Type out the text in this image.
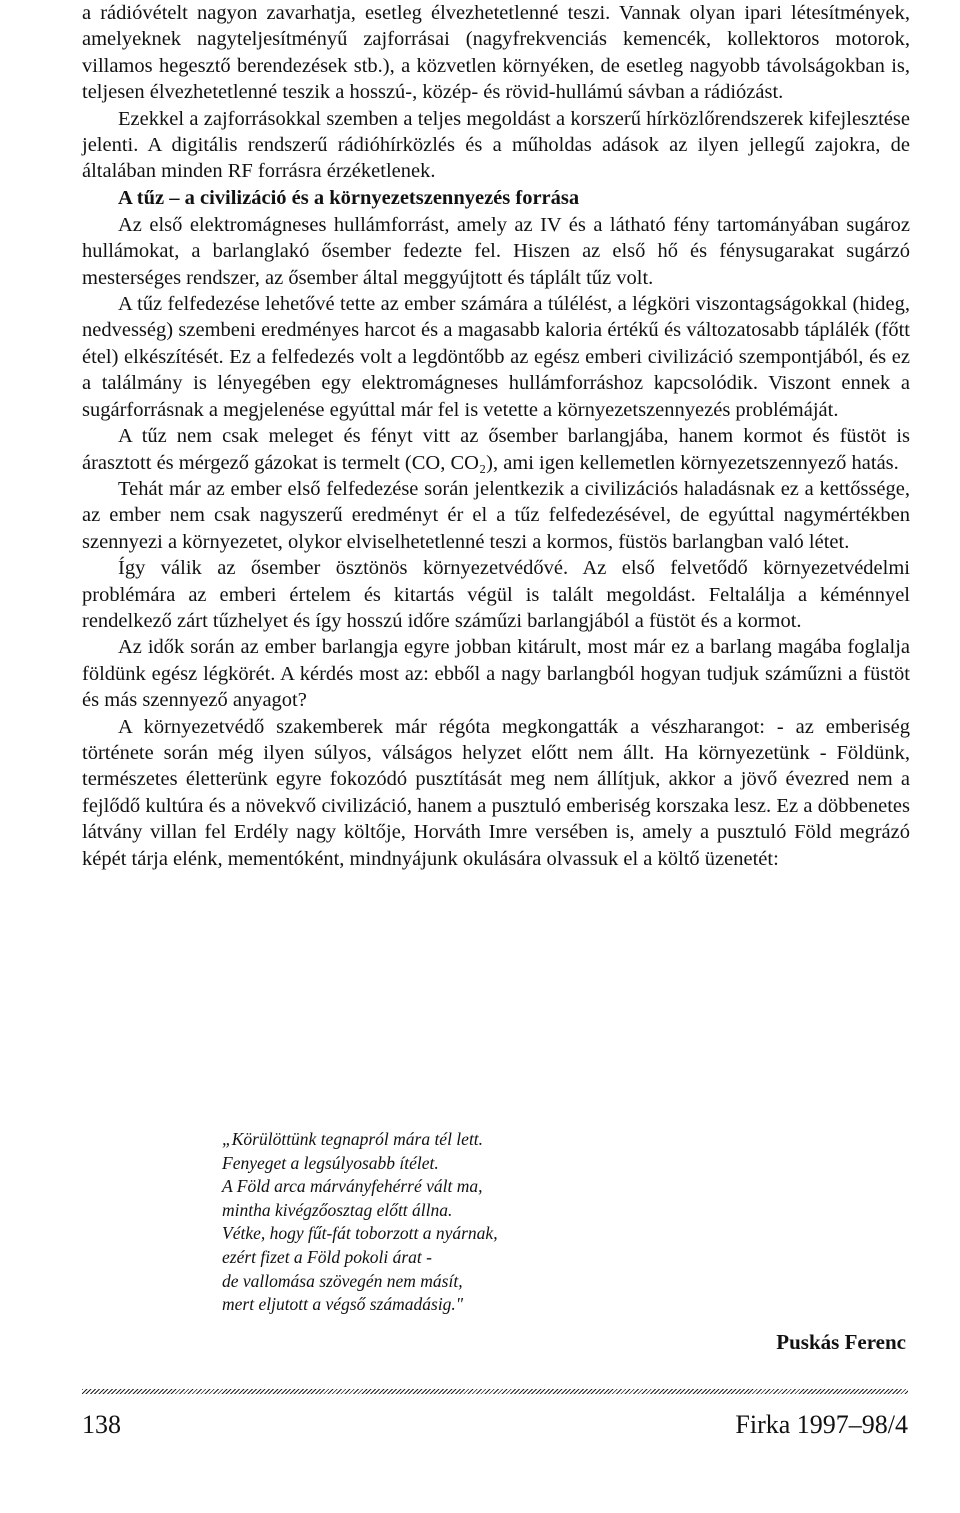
a rádióvételt nagyon zavarhatja, esetleg élvezhetetlenné teszi. Vannak olyan ipari létesítmények, amelyeknek nagyteljesítményű zajforrásai (nagyfrekvenciás kemencék, kollektoros motorok, villamos hegesztő berendezések stb.), a közvetlen környéken, de esetleg nagyobb távolságokban is, teljesen élvezhetetlenné teszik a hosszú-, közép- és rövid-hullámú sávban a rádiózást.

Ezekkel a zajforrásokkal szemben a teljes megoldást a korszerű hírközlőrendszerek kifejlesztése jelenti. A digitális rendszerű rádióhírközlés és a műholdas adások az ilyen jellegű zajokra, de általában minden RF forrásra érzéketlenek.

A tűz – a civilizáció és a környezetszennyezés forrása

Az első elektromágneses hullámforrást, amely az IV és a látható fény tartományában sugároz hullámokat, a barlanglakó ősember fedezte fel. Hiszen az első hő és fénysugarakat sugárzó mesterséges rendszer, az ősember által meggyújtott és táplált tűz volt.

A tűz felfedezése lehetővé tette az ember számára a túlélést, a légköri viszontagságokkal (hideg, nedvesség) szembeni eredményes harcot és a magasabb kaloria értékű és változatosabb táplálék (főtt étel) elkészítését. Ez a felfedezés volt a legdöntőbb az egész emberi civilizáció szempontjából, és ez a találmány is lényegében egy elektromágneses hullámforráshoz kapcsolódik. Viszont ennek a sugárforrásnak a megjelenése egyúttal már fel is vetette a környezetszennyezés problémáját.

A tűz nem csak meleget és fényt vitt az ősember barlangjába, hanem kormot és füstöt is árasztott és mérgező gázokat is termelt (CO, CO₂), ami igen kellemetlen környezetszennyező hatás.

Tehát már az ember első felfedezése során jelentkezik a civilizációs haladásnak ez a kettőssége, az ember nem csak nagyszerű eredményt ér el a tűz felfedezésével, de egyúttal nagymértékben szennyezi a környezetet, olykor elviselhetetlenné teszi a kormos, füstös barlangban való létet.

Így válik az ősember ösztönös környezetvédővé. Az első felvetődő környezetvédelmi problémára az emberi értelem és kitartás végül is talált megoldást. Feltalálja a kéménnyel rendelkező zárt tűzhelyet és így hosszú időre száműzi barlangjából a füstöt és a kormot.

Az idők során az ember barlangja egyre jobban kitárult, most már ez a barlang magába foglalja földünk egész légkörét. A kérdés most az: ebből a nagy barlangból hogyan tudjuk száműzni a füstöt és más szennyező anyagot?

A környezetvédő szakemberek már régóta megkongatták a vészharangot: - az emberiség története során még ilyen súlyos, válságos helyzet előtt nem állt. Ha környezetünk - Földünk, természetes életterünk egyre fokozódó pusztítását meg nem állítjuk, akkor a jövő évezred nem a fejlődő kultúra és a növekvő civilizáció, hanem a pusztuló emberiség korszaka lesz. Ez a döbbenetes látvány villan fel Erdély nagy költője, Horváth Imre versében is, amely a pusztuló Föld megrázó képét tárja elénk, mementóként, mindnyájunk okulására olvassuk el a költő üzenetét:

„Körülöttünk tegnapról mára tél lett.
Fenyeget a legsúlyosabb ítélet.
A Föld arca márványfehérré vált ma,
mintha kivégzőosztag előtt állna.
Vétke, hogy fűt-fát toborzott a nyárnak,
ezért fizet a Föld pokoli árat -
de vallomása szövegén nem másít,
mert eljutott a végső számadásig."
Puskás Ferenc
138	Firka 1997–98/4
